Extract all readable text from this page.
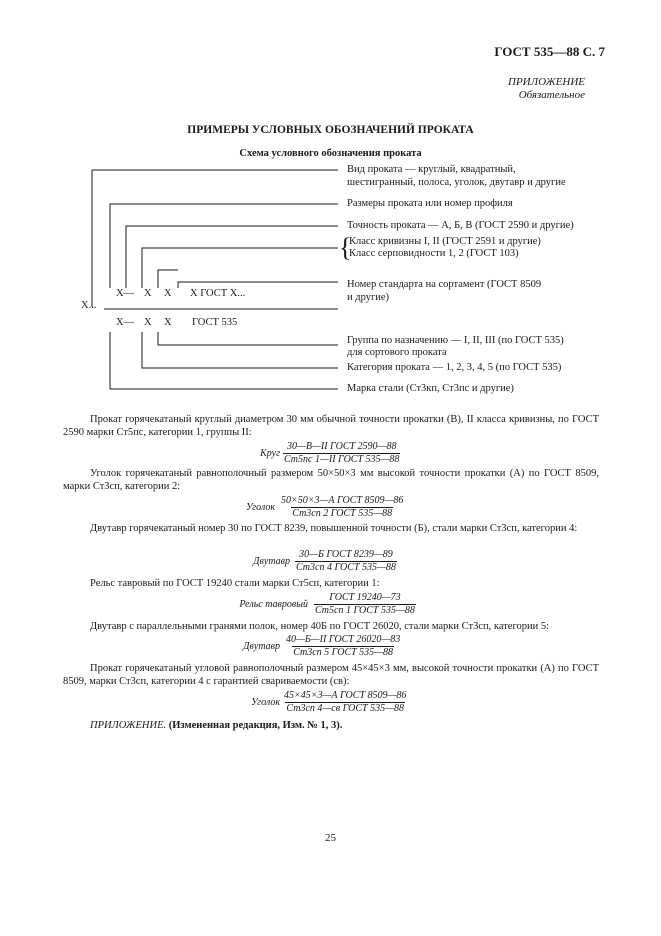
ГОСТ 535—88 С. 7
ПРИЛОЖЕНИЕ
Обязательное
ПРИМЕРЫ УСЛОВНЫХ ОБОЗНАЧЕНИЙ ПРОКАТА
Схема условного обозначения проката
X...
X— X X X ГОСТ X...
X— X X ГОСТ 535
Вид проката — круглый, квадратный,
шестигранный, полоса, уголок, двутавр и другие
Размеры проката или номер профиля
Точность проката — А, Б, В (ГОСТ 2590 и другие)
{
Класс кривизны I, II (ГОСТ 2591 и другие)
Класс серповидности 1, 2 (ГОСТ 103)
Номер стандарта на сортамент (ГОСТ 8509
и другие)
Группа по назначению — I, II, III (по ГОСТ 535)
для сортового проката
Категория проката — 1, 2, 3, 4, 5 (по ГОСТ 535)
Марка стали (Ст3кп, Ст3пс и другие)
Прокат горячекатаный круглый диаметром 30 мм обычной точности прокатки (В), II класса кривизны, по ГОСТ 2590 марки Ст5пс, категории 1, группы II:
Круг
30—В—II ГОСТ 2590—88
Ст5пс 1—II ГОСТ 535—88
Уголок горячекатаный равнополочный размером 50×50×3 мм высокой точности прокатки (А) по ГОСТ 8509, марки Ст3сп, категории 2:
Уголок
50×50×3—А ГОСТ 8509—86
Ст3сп 2 ГОСТ 535—88
Двутавр горячекатаный номер 30 по ГОСТ 8239, повышенной точности (Б), стали марки Ст3сп, категории 4:
Двутавр
30—Б ГОСТ 8239—89
Ст3сп 4 ГОСТ 535—88
Рельс тавровый по ГОСТ 19240 стали марки Ст5сп, категории 1:
Рельс тавровый
ГОСТ 19240—73
Ст5сп 1 ГОСТ 535—88
Двутавр с параллельными гранями полок, номер 40Б по ГОСТ 26020, стали марки Ст3сп, категории 5:
Двутавр
40—Б—II ГОСТ 26020—83
Ст3сп 5 ГОСТ 535—88
Прокат горячекатаный угловой равнополочный размером 45×45×3 мм, высокой точности прокатки (А) по ГОСТ 8509, марки Ст3сп, категории 4 с гарантией свариваемости (св):
Уголок
45×45×3—А ГОСТ 8509—86
Ст3сп 4—св ГОСТ 535—88
ПРИЛОЖЕНИЕ. (Измененная редакция, Изм. № 1, 3).
25
